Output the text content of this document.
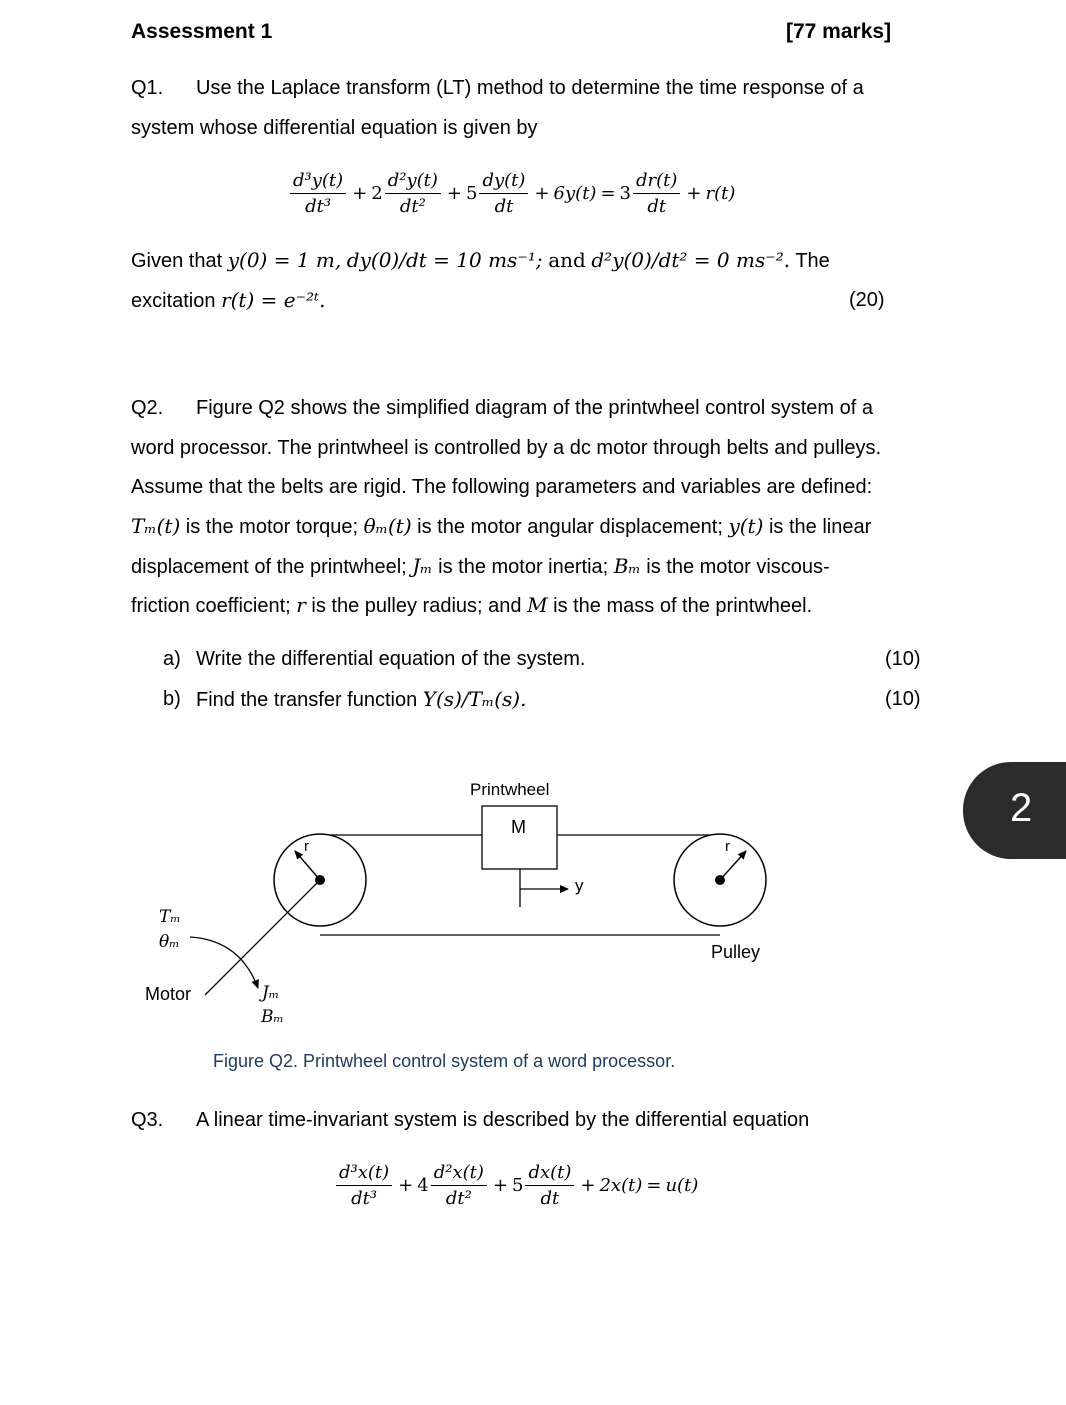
Assessment 1	[77 marks]
Q1. Use the Laplace transform (LT) method to determine the time response of a
system whose differential equation is given by
$\frac{\text{d³y(t)}}{\text{dt³}} + 2 \frac{\text{d²y(t)}}{\text{dt²}} + 5 \frac{dy(t)}{dt} + 6y(t) = 3 \frac{dr(t)}{dt} + r(t)$
Given that y(0) = 1 m, dy(0)/dt = 10 ms⁻¹; and d²y(0)/dt² = 0 ms⁻². The
excitation r(t) = e⁻²ᵗ.	(20)
Q2. Figure Q2 shows the simplified diagram of the printwheel control system of a
word processor. The printwheel is controlled by a dc motor through belts and pulleys.
Assume that the belts are rigid. The following parameters and variables are defined:
Tₘ(t) is the motor torque; θₘ(t) is the motor angular displacement; y(t) is the linear
displacement of the printwheel; Jₘ is the motor inertia; Bₘ is the motor viscous-
friction coefficient; r is the pulley radius; and M is the mass of the printwheel.
a) Write the differential equation of the system.	(10)
b) Find the transfer function Y(s)/Tₘ(s).	(10)
Printwheel
M
y
r	r
Pulley
Motor
Tₘ
θₘ
Jₘ
Bₘ
Figure Q2. Printwheel control system of a word processor.
Q3. A linear time-invariant system is described by the differential equation
$\frac{\text{d³x(t)}}{\text{dt³}} + 4 \frac{\text{d²x(t)}}{\text{dt²}} + 5 \frac{dx(t)}{dt} + 2x(t) = u(t)$
2
